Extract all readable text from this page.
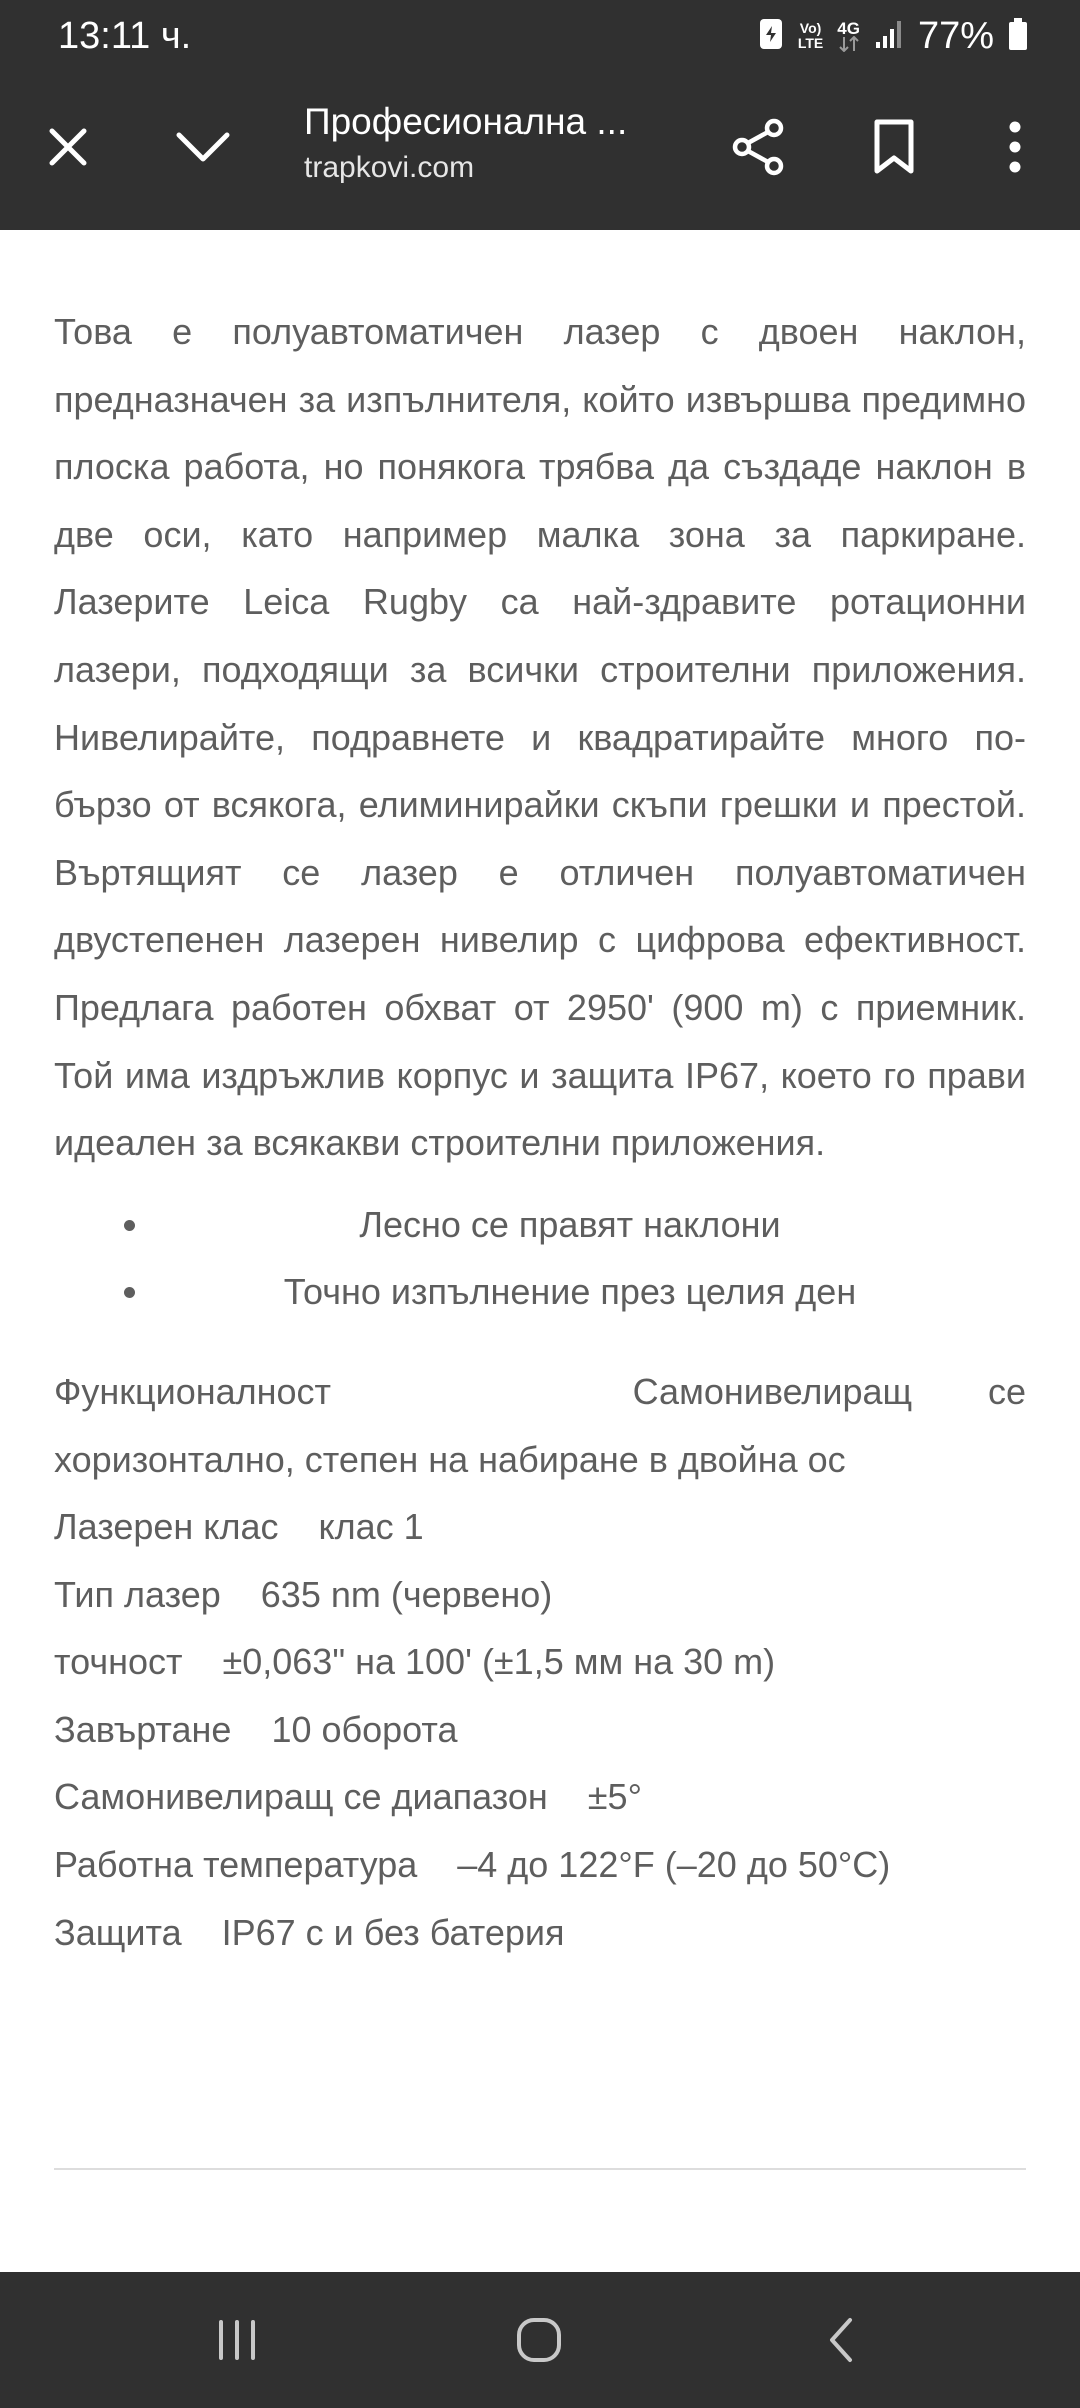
13:11 ч.	Vo)
LTE
4G 77%
Професионална ...
trapkovi.com

Това е полуавтоматичен лазер с двоен наклон, предназначен за изпълнителя, който извършва предимно плоска работа, но понякога трябва да създаде наклон в две оси, като например малка зона за паркиране. Лазерите Leica Rugby са най-здравите ротационни лазери, подходящи за всички строителни приложения. Нивелирайте, подравнете и квадратирайте много по-бързо от всякога, елиминирайки скъпи грешки и престой. Въртящият се лазер е отличен полуавтоматичен двустепенен лазерен нивелир с цифрова ефективност. Предлага работен обхват от 2950' (900 m) с приемник. Той има издръжлив корпус и защита IP67, което го прави идеален за всякакви строителни приложения.

Лесно се правят наклони
Точно изпълнение през целия ден
Функционалност	Самонивелиращ се хоризонтално, степен на набиране в двойна ос
Лазерен клас клас 1
Тип лазер 635 nm (червено)
точност ±0,063" на 100' (±1,5 мм на 30 m)
Завъртане 10 оборота
Самонивелиращ се диапазон ±5°
Работна температура –4 до 122°F (–20 до 50°C)
Защита IP67 с и без батерия
